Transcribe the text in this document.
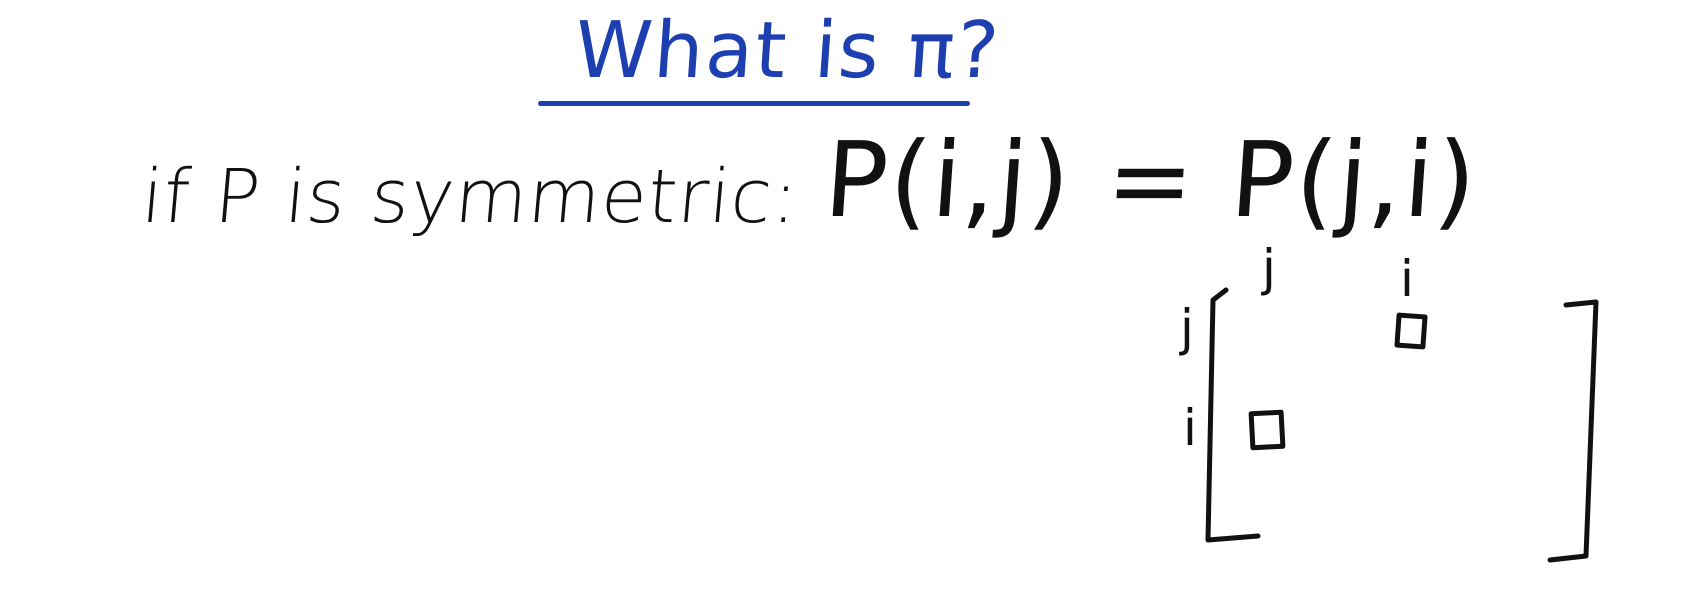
What is π?
if P is symmetric: P(i,j) = P(j,i)
j i
j
i
